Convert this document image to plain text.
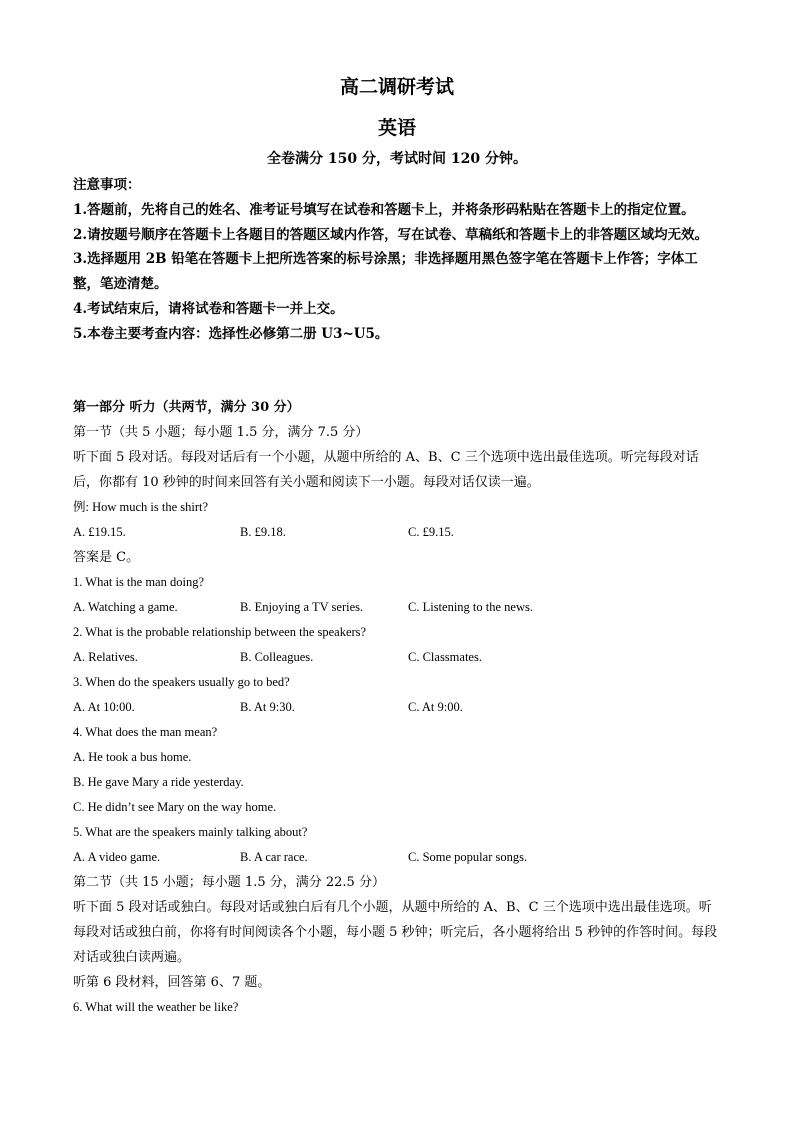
高二调研考试
英语
全卷满分 150 分，考试时间 120 分钟。
注意事项：
1.答题前，先将自己的姓名、准考证号填写在试卷和答题卡上，并将条形码粘贴在答题卡上的指定位置。
2.请按题号顺序在答题卡上各题目的答题区域内作答，写在试卷、草稿纸和答题卡上的非答题区域均无效。
3.选择题用 2B 铅笔在答题卡上把所选答案的标号涂黑；非选择题用黑色签字笔在答题卡上作答；字体工整，笔迹清楚。
4.考试结束后，请将试卷和答题卡一并上交。
5.本卷主要考查内容：选择性必修第二册 U3~U5。
第一部分 听力（共两节，满分 30 分）
第一节（共 5 小题；每小题 1.5 分，满分 7.5 分）
听下面 5 段对话。每段对话后有一个小题，从题中所给的 A、B、C 三个选项中选出最佳选项。听完每段对话后，你都有 10 秒钟的时间来回答有关小题和阅读下一小题。每段对话仅读一遍。
例: How much is the shirt?
A. £19.15.	B. £9.18.	C. £9.15.
答案是 C。
1. What is the man doing?
A. Watching a game.	B. Enjoying a TV series.	C. Listening to the news.
2. What is the probable relationship between the speakers?
A. Relatives.	B. Colleagues.	C. Classmates.
3. When do the speakers usually go to bed?
A. At 10:00.	B. At 9:30.	C. At 9:00.
4. What does the man mean?
A. He took a bus home.
B. He gave Mary a ride yesterday.
C. He didn’t see Mary on the way home.
5. What are the speakers mainly talking about?
A. A video game.	B. A car race.	C. Some popular songs.
第二节（共 15 小题；每小题 1.5 分，满分 22.5 分）
听下面 5 段对话或独白。每段对话或独白后有几个小题，从题中所给的 A、B、C 三个选项中选出最佳选项。听每段对话或独白前，你将有时间阅读各个小题，每小题 5 秒钟；听完后，各小题将给出 5 秒钟的作答时间。每段对话或独白读两遍。
听第 6 段材料，回答第 6、7 题。
6. What will the weather be like?
